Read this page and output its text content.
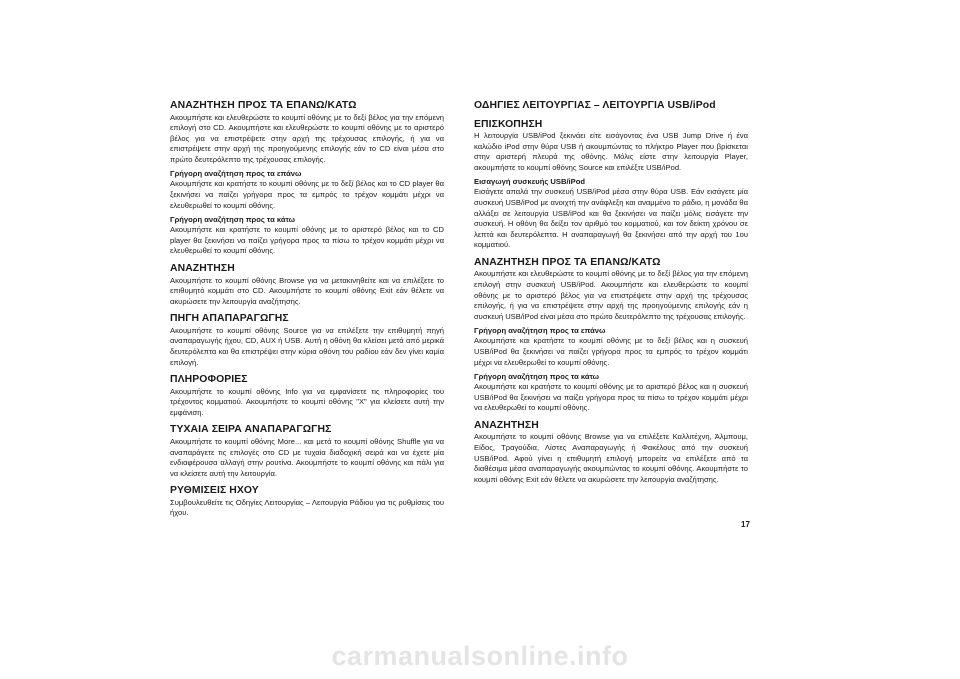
ΑΝΑΖΗΤΗΣΗ ΠΡΟΣ ΤΑ ΕΠΑΝΩ/ΚΑΤΩ

Ακουμπήστε και ελευθερώστε το κουμπί οθόνης με το δεξί βέλος για την επόμενη επιλογή στο CD. Ακουμπήστε και ελευθερώστε το κουμπί οθόνης με το αριστερό βέλος για να επιστρέψετε στην αρχή της τρέχουσας επιλογής, ή για να επιστρέψετε στην αρχή της προηγούμενης επιλογής εάν το CD είναι μέσα στο πρώτο δευτερόλεπτο της τρέχουσας επιλογής.

Γρήγορη αναζήτηση προς τα επάνω

Ακουμπήστε και κρατήστε το κουμπί οθόνης με το δεξί βέλος και το CD player θα ξεκινήσει να παίζει γρήγορα προς τα εμπρός το τρέχον κομμάτι μέχρι να ελευθερωθεί το κουμπί οθόνης.

Γρήγορη αναζήτηση προς τα κάτω

Ακουμπήστε και κρατήστε το κουμπί οθόνης με το αριστερό βέλος και το CD player θα ξεκινήσει να παίζει γρήγορα προς τα πίσω το τρέχον κομμάτι μέχρι να ελευθερωθεί το κουμπί οθόνης.

ΑΝΑΖΗΤΗΣΗ

Ακουμπήστε το κουμπί οθόνης Browse για να μετακινηθείτε και να επιλέξετε το επιθυμητό κομμάτι στο CD. Ακουμπήστε το κουμπί οθόνης Exit εάν θέλετε να ακυρώσετε την λειτουργία αναζήτησης.

ΠΗΓΗ ΑΠΑΠΑΡΑΓΩΓΗΣ

Ακουμπήστε το κουμπί οθόνης Source για να επιλέξετε την επιθυμητή πηγή αναπαραγωγής ήχου, CD, AUX ή USB. Αυτή η οθόνη θα κλείσει μετά από μερικά δευτερόλεπτα και θα επιστρέψει στην κύρια οθόνη του ραδίου εάν δεν γίνει καμία επιλογή.

ΠΛΗΡΟΦΟΡΙΕΣ

Ακουμπήστε το κουμπί οθόνης Info για να εμφανίσετε τις πληροφορίες του τρέχοντος κομματιού. Ακουμπήστε το κουμπί οθόνης "X" για κλείσετε αυτή την εμφάνιση.

ΤΥΧΑΙΑ ΣΕΙΡΑ ΑΝΑΠΑΡΑΓΩΓΗΣ

Ακουμπήστε το κουμπί οθόνης More... και μετά το κουμπί οθόνης Shuffle για να αναπαράγετε τις επιλογές στο CD με τυχαία διαδοχική σειρά και να έχετε μία ενδιαφέρουσα αλλαγή στην ρουτίνα. Ακουμπήστε το κουμπί οθόνης και πάλι για να κλείσετε αυτή την λειτουργία.

ΡΥΘΜΙΣΕΙΣ ΗΧΟΥ

Συμβουλευθείτε τις Οδηγίες Λειτουργίας – Λειτουργία Ράδιου για τις ρυθμίσεις του ήχου.

ΟΔΗΓΙΕΣ ΛΕΙΤΟΥΡΓΙΑΣ – ΛΕΙΤΟΥΡΓΙΑ USB/iPod
ΕΠΙΣΚΟΠΗΣΗ

Η λειτουργία USB/iPod ξεκινάει είτε εισάγοντας ένα USB Jump Drive ή ένα καλώδιο iPod στην θύρα USB ή ακουμπώντας το πλήκτρο Player που βρίσκεται στην αριστερή πλευρά της οθόνης. Μόλις είστε στην λειτουργία Player, ακουμπήστε το κουμπί οθόνης Source και επιλέξτε USB/iPod.

Εισαγωγή συσκευής USB/iPod

Εισάγετε απαλά την συσκευή USB/iPod μέσα στην θύρα USB. Εάν εισάγετε μία συσκευή USB/iPod με ανοιχτή την ανάφλεξη και αναμμένο το ράδιο, η μονάδα θα αλλάξει σε λειτουργία USB/iPod και θα ξεκινήσει να παίζει μόλις εισάγετε την συσκευή. Η οθόνη θα δείξει τον αριθμό του κομματιού, και τον δείκτη χρόνου σε λεπτά και δευτερόλεπτα. Η αναπαραγωγή θα ξεκινήσει από την αρχή του 1ου κομματιού.

ΑΝΑΖΗΤΗΣΗ ΠΡΟΣ ΤΑ ΕΠΑΝΩ/ΚΑΤΩ

Ακουμπήστε και ελευθερώστε το κουμπί οθόνης με το δεξί βέλος για την επόμενη επιλογή στην συσκευή USB/iPod. Ακουμπήστε και ελευθερώστε το κουμπί οθόνης με το αριστερό βέλος για να επιστρέψετε στην αρχή της τρέχουσας επιλογής, ή για να επιστρέψετε στην αρχή της προηγούμενης επιλογής εάν η συσκευή USB/iPod είναι μέσα στο πρώτο δευτερόλεπτο της τρέχουσας επιλογής.

Γρήγορη αναζήτηση προς τα επάνω

Ακουμπήστε και κρατήστε το κουμπί οθόνης με το δεξί βέλος και η συσκευή USB/iPod θα ξεκινήσει να παίζει γρήγορα προς τα εμπρός το τρέχον κομμάτι μέχρι να ελευθερωθεί το κουμπί οθόνης.

Γρήγορη αναζήτηση προς τα κάτω

Ακουμπήστε και κρατήστε το κουμπί οθόνης με το αριστερό βέλος και η συσκευή USB/iPod θα ξεκινήσει να παίζει γρήγορα προς τα πίσω το τρέχον κομμάτι μέχρι να ελευθερωθεί το κουμπί οθόνης.

ΑΝΑΖΗΤΗΣΗ

Ακουμπήστε το κουμπί οθόνης Browse για να επιλέξετε Καλλιτέχνη, Άλμπουμ, Είδος, Τραγούδια, Λίστες Αναπαραγωγής ή Φακέλους από την συσκευή USB/iPod. Αφού γίνει η επιθυμητή επιλογή μπορείτε να επιλέξετε από τα διαθέσιμα μέσα αναπαραγωγής ακουμπώντας το κουμπί οθόνης. Ακουμπήστε το κουμπί οθόνης Exit εάν θέλετε να ακυρώσετε την λειτουργία αναζήτησης.

17
carmanualsonline.info
